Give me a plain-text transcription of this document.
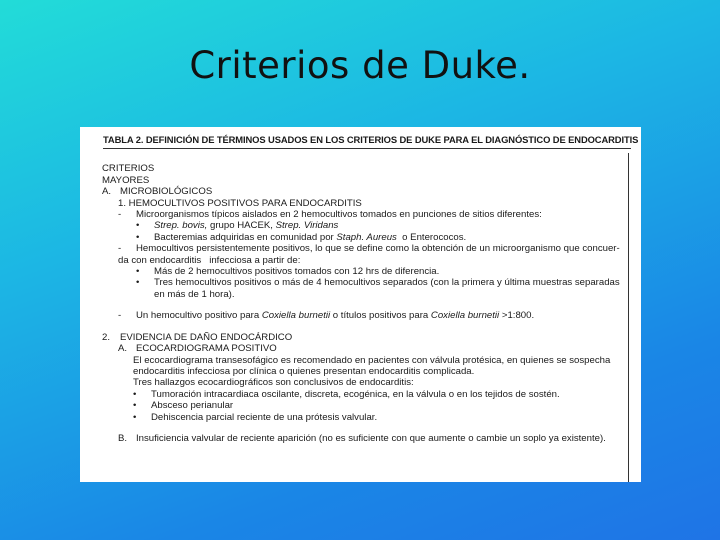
Criterios de Duke.
TABLA 2. DEFINICIÓN DE TÉRMINOS USADOS EN LOS CRITERIOS DE DUKE PARA EL DIAGNÓSTICO DE ENDOCARDITIS
CRITERIOS
MAYORES
A. MICROBIOLÓGICOS
1. HEMOCULTIVOS POSITIVOS PARA ENDOCARDITIS
-	Microorganismos típicos aislados en 2 hemocultivos tomados en punciones de sitios diferentes:
•	Strep. bovis, grupo HACEK, Strep. Viridans
•	Bacteremias adquiridas en comunidad por Staph. Aureus o Enterococos.
-	Hemocultivos persistentemente positivos, lo que se define como la obtención de un microorganismo que concuer-
da con endocarditis   infecciosa a partir de:
•	Más de 2 hemocultivos positivos tomados con 12 hrs de diferencia.
•	Tres hemocultivos positivos o más de 4 hemocultivos separados (con la primera y última muestras separadas
en más de 1 hora).
-	Un hemocultivo positivo para Coxiella burnetii o títulos positivos para Coxiella burnetii >1:800.
2.	EVIDENCIA DE DAÑO ENDOCÁRDICO
A. ECOCARDIOGRAMA POSITIVO
El ecocardiograma transesofágico es recomendado en pacientes con válvula protésica, en quienes se sospecha
endocarditis infecciosa por clínica o quienes presentan endocarditis complicada.
Tres hallazgos ecocardiográficos son conclusivos de endocarditis:
•	Tumoración intracardiaca oscilante, discreta, ecogénica, en la válvula o en los tejidos de sostén.
•	Absceso perianular
•	Dehiscencia parcial reciente de una prótesis valvular.
B. Insuficiencia valvular de reciente aparición (no es suficiente con que aumente o cambie un soplo ya existente).
